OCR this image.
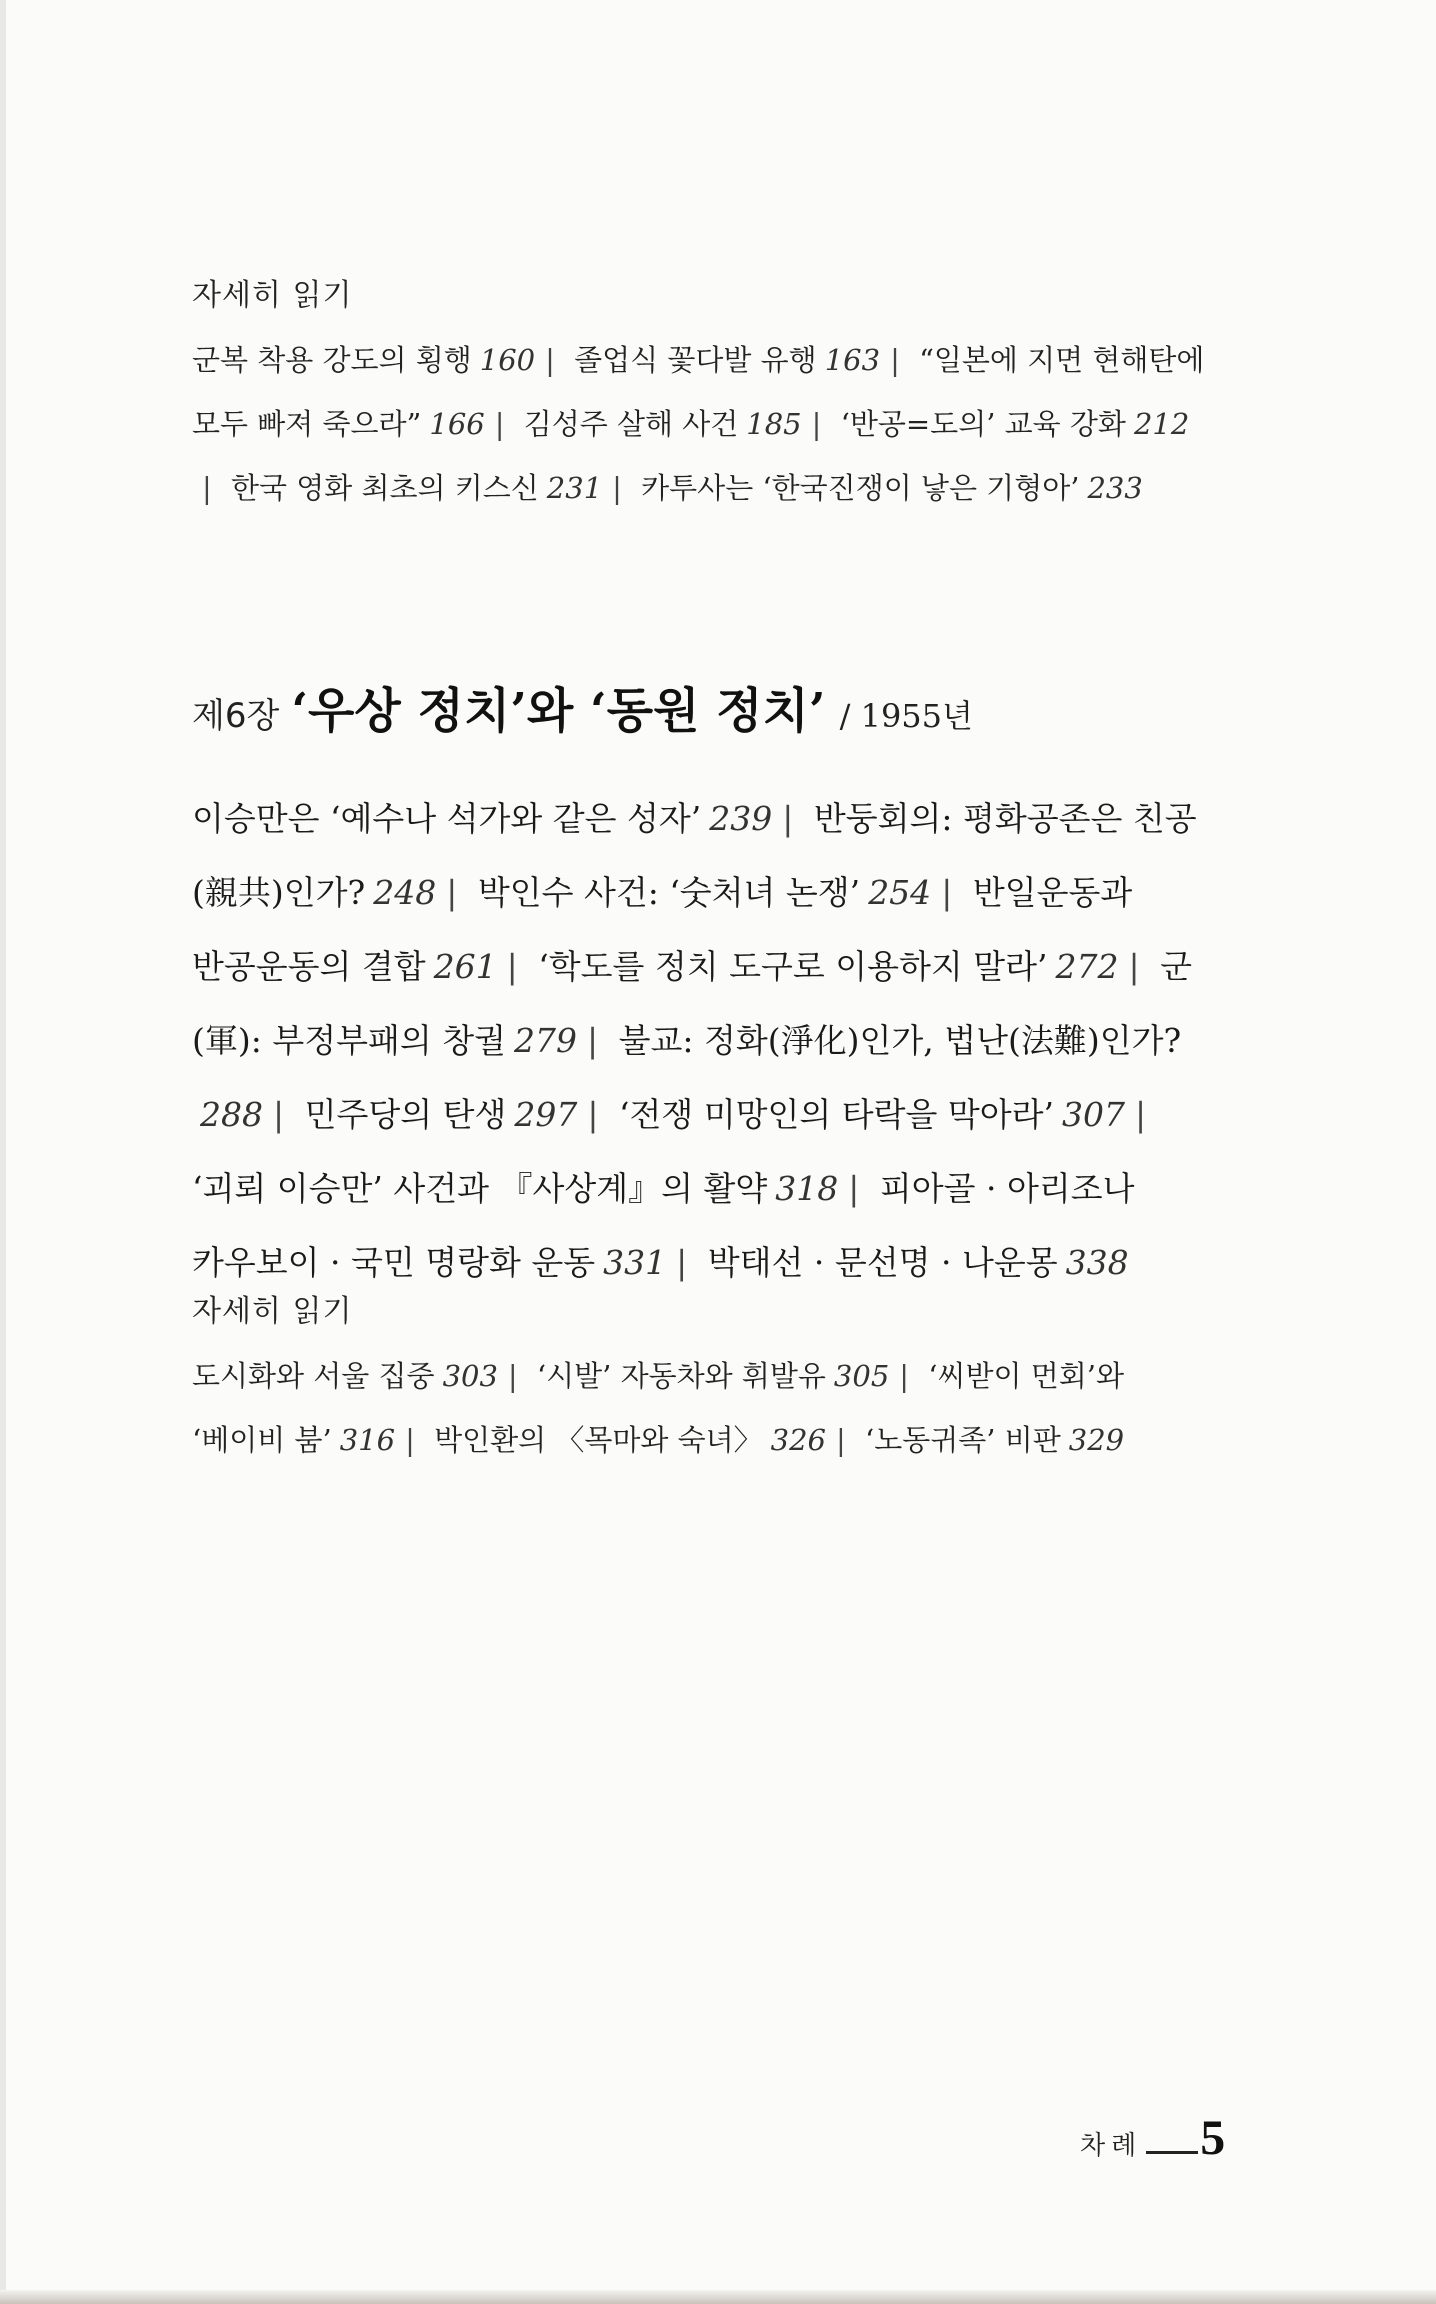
자세히 읽기
군복 착용 강도의 횡행 160 | 졸업식 꽃다발 유행 163 | “일본에 지면 현해탄에 모두 빠져 죽으라” 166 | 김성주 살해 사건 185 | ‘반공=도의’ 교육 강화 212| 한국 영화 최초의 키스신 231 | 카투사는 ‘한국진쟁이 낳은 기형아’ 233
제6장 ‘우상 정치’와 ‘동원 정치’ / 1955년
이승만은 ‘예수나 석가와 같은 성자’ 239 | 반둥회의: 평화공존은 친공(親共)인가? 248 | 박인수 사건: ‘숫처녀 논쟁’ 254 | 반일운동과 반공운동의 결합 261 | ‘학도를 정치 도구로 이용하지 말라’ 272 | 군(軍): 부정부패의 창궐 279 | 불교: 정화(淨化)인가, 법난(法難)인가?288 | 민주당의 탄생 297 | ‘전쟁 미망인의 타락을 막아라’ 307 | ‘괴뢰 이승만’ 사건과 『사상계』의 활약 318 | 피아골 · 아리조나 카우보이 · 국민 명랑화 운동 331 | 박태선 · 문선명 · 나운몽 338
자세히 읽기
도시화와 서울 집중 303 | ‘시발’ 자동차와 휘발유 305 | ‘씨받이 먼회’와 ‘베이비 붐’ 316 | 박인환의 〈목마와 숙녀〉 326 | ‘노동귀족’ 비판 329
차례 5
